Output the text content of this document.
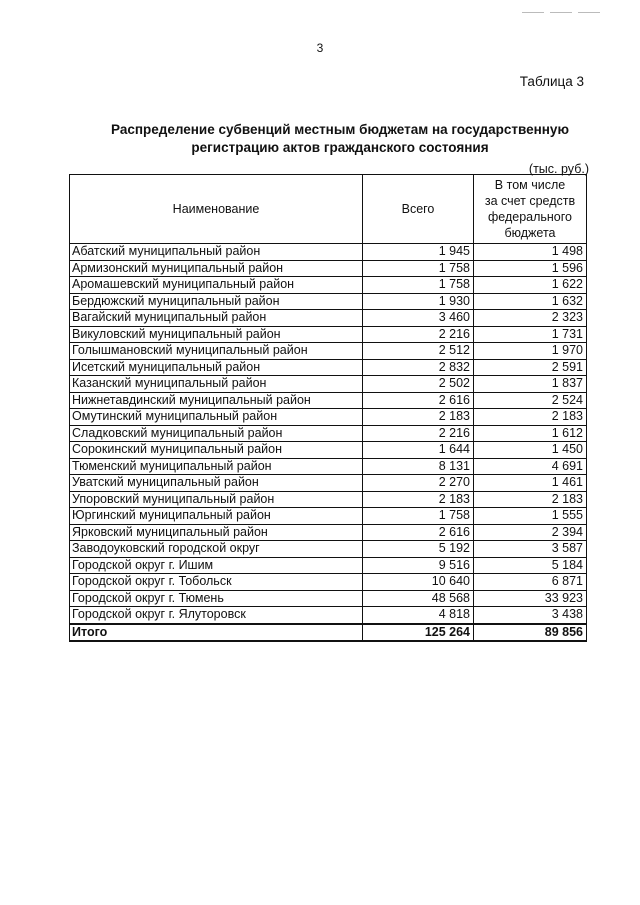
3
Таблица 3
Распределение субвенций местным бюджетам на государственную
регистрацию актов гражданского состояния
(тыс. руб.)
Наименование	Всего	В том числе
за счет средств
федерального
бюджета

Абатский муниципальный район	1 945	1 498
Армизонский муниципальный район	1 758	1 596
Аромашевский муниципальный район	1 758	1 622
Бердюжский муниципальный район	1 930	1 632
Вагайский муниципальный район	3 460	2 323
Викуловский муниципальный район	2 216	1 731
Голышмановский муниципальный район	2 512	1 970
Исетский муниципальный район	2 832	2 591
Казанский муниципальный район	2 502	1 837
Нижнетавдинский муниципальный район	2 616	2 524
Омутинский муниципальный район	2 183	2 183
Сладковский муниципальный район	2 216	1 612
Сорокинский муниципальный район	1 644	1 450
Тюменский муниципальный район	8 131	4 691
Уватский муниципальный район	2 270	1 461
Упоровский муниципальный район	2 183	2 183
Юргинский муниципальный район	1 758	1 555
Ярковский муниципальный район	2 616	2 394
Заводоуковский городской округ	5 192	3 587
Городской округ г. Ишим	9 516	5 184
Городской округ г. Тобольск	10 640	6 871
Городской округ г. Тюмень	48 568	33 923
Городской округ г. Ялуторовск	4 818	3 438
Итого	125 264	89 856
